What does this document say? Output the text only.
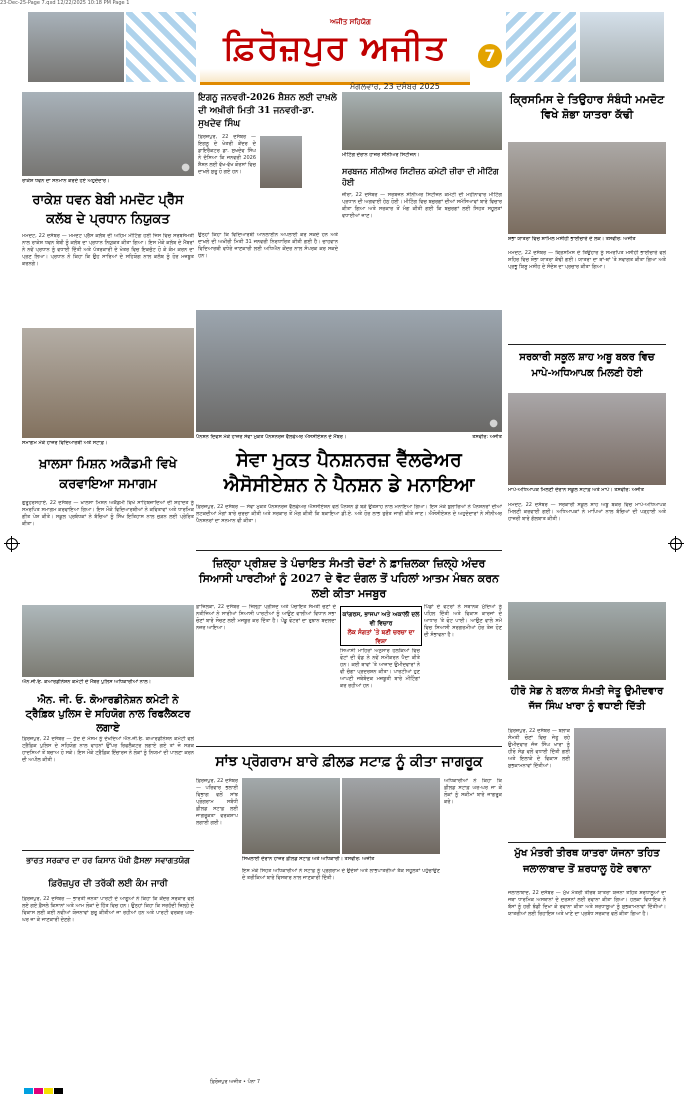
23-Dec-25-Page 7.qxd 12/22/2025 10:18 PM Page 1
ਅਜੀਤ ਸਹਿਯੋਗ
ਫ਼ਿਰੋਜ਼ਪੁਰ ਅਜੀਤ
ਮੰਗਲਵਾਰ, 23 ਦਸੰਬਰ 2025
7
●
ਰਾਕੇਸ਼ ਧਵਨ ਦਾ ਸਨਮਾਨ ਕਰਦੇ ਹੋਏ ਅਹੁਦੇਦਾਰ।
ਰਾਕੇਸ਼ ਧਵਨ ਬੇਬੀ ਮਮਦੋਟ ਪ੍ਰੈੱਸ ਕਲੱਬ ਦੇ ਪ੍ਰਧਾਨ ਨਿਯੁਕਤ
ਮਮਦੋਟ, 22 ਦਸੰਬਰ — ਮਮਦੋਟ ਪ੍ਰੈੱਸ ਕਲੱਬ ਦੀ ਅਹਿਮ ਮੀਟਿੰਗ ਹੋਈ ਜਿਸ ਵਿਚ ਸਰਬਸੰਮਤੀ ਨਾਲ ਰਾਕੇਸ਼ ਧਵਨ ਬੇਬੀ ਨੂੰ ਕਲੱਬ ਦਾ ਪ੍ਰਧਾਨ ਨਿਯੁਕਤ ਕੀਤਾ ਗਿਆ। ਇਸ ਮੌਕੇ ਕਲੱਬ ਦੇ ਮੈਂਬਰਾਂ ਨੇ ਨਵੇਂ ਪ੍ਰਧਾਨ ਨੂੰ ਵਧਾਈ ਦਿੱਤੀ ਅਤੇ ਪੱਤਰਕਾਰੀ ਦੇ ਖੇਤਰ ਵਿਚ ਇਕਜੁੱਟ ਹੋ ਕੇ ਕੰਮ ਕਰਨ ਦਾ ਪ੍ਰਣ ਲਿਆ। ਪ੍ਰਧਾਨ ਨੇ ਕਿਹਾ ਕਿ ਉਹ ਸਾਰਿਆਂ ਦੇ ਸਹਿਯੋਗ ਨਾਲ ਕਲੱਬ ਨੂੰ ਹੋਰ ਮਜ਼ਬੂਤ ਕਰਨਗੇ।
ਸਮਾਗਮ ਮੌਕੇ ਹਾਜ਼ਰ ਵਿਦਿਆਰਥੀ ਅਤੇ ਸਟਾਫ਼।
ਖ਼ਾਲਸਾ ਮਿਸ਼ਨ ਅਕੈਡਮੀ ਵਿਖੇ ਕਰਵਾਇਆ ਸਮਾਗਮ
ਗੁਰੂਹਰਸਹਾਏ, 22 ਦਸੰਬਰ — ਖ਼ਾਲਸਾ ਮਿਸ਼ਨ ਅਕੈਡਮੀ ਵਿਖੇ ਸਾਹਿਬਜ਼ਾਦਿਆਂ ਦੀ ਸ਼ਹਾਦਤ ਨੂੰ ਸਮਰਪਿਤ ਸਮਾਗਮ ਕਰਵਾਇਆ ਗਿਆ। ਇਸ ਮੌਕੇ ਵਿਦਿਆਰਥੀਆਂ ਨੇ ਕਵਿਤਾਵਾਂ ਅਤੇ ਧਾਰਮਿਕ ਗੀਤ ਪੇਸ਼ ਕੀਤੇ। ਸਕੂਲ ਪ੍ਰਬੰਧਕਾਂ ਨੇ ਬੱਚਿਆਂ ਨੂੰ ਸਿੱਖ ਇਤਿਹਾਸ ਨਾਲ ਜੁੜਨ ਲਈ ਪ੍ਰੇਰਿਤ ਕੀਤਾ।
ਐਨ.ਜੀ.ਓ. ਕੋਆਰਡੀਨੇਸ਼ਨ ਕਮੇਟੀ ਦੇ ਮੈਂਬਰ ਪੁਲਿਸ ਅਧਿਕਾਰੀਆਂ ਨਾਲ।
ਐਨ. ਜੀ. ਓ. ਕੋਆਰਡੀਨੇਸ਼ਨ ਕਮੇਟੀ ਨੇ ਟ੍ਰੈਫ਼ਿਕ ਪੁਲਿਸ ਦੇ ਸਹਿਯੋਗ ਨਾਲ ਰਿਫਲੈਕਟਰ ਲਗਾਏ
ਫ਼ਿਰੋਜ਼ਪੁਰ, 22 ਦਸੰਬਰ — ਧੁੰਦ ਦੇ ਮੌਸਮ ਨੂੰ ਦੇਖਦਿਆਂ ਐਨ.ਜੀ.ਓ. ਕੋਆਰਡੀਨੇਸ਼ਨ ਕਮੇਟੀ ਵਲੋਂ ਟ੍ਰੈਫ਼ਿਕ ਪੁਲਿਸ ਦੇ ਸਹਿਯੋਗ ਨਾਲ ਵਾਹਨਾਂ ਉੱਪਰ ਰਿਫਲੈਕਟਰ ਲਗਾਏ ਗਏ ਤਾਂ ਜੋ ਸੜਕ ਹਾਦਸਿਆਂ ਤੋਂ ਬਚਾਅ ਹੋ ਸਕੇ। ਇਸ ਮੌਕੇ ਟ੍ਰੈਫ਼ਿਕ ਇੰਚਾਰਜ ਨੇ ਲੋਕਾਂ ਨੂੰ ਨਿਯਮਾਂ ਦੀ ਪਾਲਣਾ ਕਰਨ ਦੀ ਅਪੀਲ ਕੀਤੀ।
ਭਾਰਤ ਸਰਕਾਰ ਦਾ ਹਰ ਕਿਸਾਨ ਪੱਖੀ ਫ਼ੈਸਲਾ ਸਵਾਗਤਯੋਗ
ਫ਼ਿਰੋਜ਼ਪੁਰ ਦੀ ਤਰੱਕੀ ਲਈ ਕੰਮ ਜਾਰੀ
ਫ਼ਿਰੋਜ਼ਪੁਰ, 22 ਦਸੰਬਰ — ਭਾਰਤੀ ਜਨਤਾ ਪਾਰਟੀ ਦੇ ਆਗੂਆਂ ਨੇ ਕਿਹਾ ਕਿ ਕੇਂਦਰ ਸਰਕਾਰ ਵਲੋਂ ਲਏ ਗਏ ਫ਼ੈਸਲੇ ਕਿਸਾਨਾਂ ਅਤੇ ਆਮ ਲੋਕਾਂ ਦੇ ਹਿੱਤ ਵਿਚ ਹਨ। ਉਨ੍ਹਾਂ ਕਿਹਾ ਕਿ ਸਰਹੱਦੀ ਜ਼ਿਲ੍ਹੇ ਦੇ ਵਿਕਾਸ ਲਈ ਕਈ ਨਵੀਆਂ ਯੋਜਨਾਵਾਂ ਸ਼ੁਰੂ ਕੀਤੀਆਂ ਜਾ ਰਹੀਆਂ ਹਨ ਅਤੇ ਪਾਰਟੀ ਵਰਕਰ ਘਰ-ਘਰ ਜਾ ਕੇ ਜਾਣਕਾਰੀ ਦੇਣਗੇ।
ਇਗਨੂ ਜਨਵਰੀ-2026 ਸ਼ੈਸ਼ਨ ਲਈ ਦਾਖ਼ਲੇ ਦੀ ਅਖ਼ੀਰੀ ਮਿਤੀ 31 ਜਨਵਰੀ-ਡਾ. ਸੁਖਦੇਵ ਸਿੰਘ
ਫ਼ਿਰੋਜ਼ਪੁਰ, 22 ਦਸੰਬਰ — ਇਗਨੂ ਦੇ ਖੇਤਰੀ ਕੇਂਦਰ ਦੇ ਡਾਇਰੈਕਟਰ ਡਾ. ਸੁਖਦੇਵ ਸਿੰਘ ਨੇ ਦੱਸਿਆ ਕਿ ਜਨਵਰੀ 2026 ਸ਼ੈਸ਼ਨ ਲਈ ਵੱਖ-ਵੱਖ ਕੋਰਸਾਂ ਵਿਚ ਦਾਖ਼ਲੇ ਸ਼ੁਰੂ ਹੋ ਗਏ ਹਨ।
ਉਨ੍ਹਾਂ ਕਿਹਾ ਕਿ ਵਿਦਿਆਰਥੀ ਆਨਲਾਈਨ ਅਪਲਾਈ ਕਰ ਸਕਦੇ ਹਨ ਅਤੇ ਦਾਖ਼ਲੇ ਦੀ ਅਖ਼ੀਰੀ ਮਿਤੀ 31 ਜਨਵਰੀ ਨਿਰਧਾਰਿਤ ਕੀਤੀ ਗਈ ਹੈ। ਚਾਹਵਾਨ ਵਿਦਿਆਰਥੀ ਵਧੇਰੇ ਜਾਣਕਾਰੀ ਲਈ ਅਧਿਐਨ ਕੇਂਦਰ ਨਾਲ ਸੰਪਰਕ ਕਰ ਸਕਦੇ ਹਨ।
ਮੀਟਿੰਗ ਦੌਰਾਨ ਹਾਜ਼ਰ ਸੀਨੀਅਰ ਸਿਟੀਜ਼ਨ।
ਸਰਬਜਨ ਸੀਨੀਅਰ ਸਿਟੀਜ਼ਨ ਕਮੇਟੀ ਜ਼ੀਰਾ ਦੀ ਮੀਟਿੰਗ ਹੋਈ
ਜ਼ੀਰਾ, 22 ਦਸੰਬਰ — ਸਰਬਜਨ ਸੀਨੀਅਰ ਸਿਟੀਜ਼ਨ ਕਮੇਟੀ ਦੀ ਮਹੀਨਾਵਾਰ ਮੀਟਿੰਗ ਪ੍ਰਧਾਨ ਦੀ ਅਗਵਾਈ ਹੇਠ ਹੋਈ। ਮੀਟਿੰਗ ਵਿਚ ਬਜ਼ੁਰਗਾਂ ਦੀਆਂ ਸਮੱਸਿਆਵਾਂ ਬਾਰੇ ਵਿਚਾਰ ਕੀਤਾ ਗਿਆ ਅਤੇ ਸਰਕਾਰ ਤੋਂ ਮੰਗ ਕੀਤੀ ਗਈ ਕਿ ਬਜ਼ੁਰਗਾਂ ਲਈ ਸਿਹਤ ਸਹੂਲਤਾਂ ਵਧਾਈਆਂ ਜਾਣ।
●
ਪੈਨਸ਼ਨ ਦਿਵਸ ਮੌਕੇ ਹਾਜ਼ਰ ਸੇਵਾ ਮੁਕਤ ਪੈਨਸ਼ਨਰਜ਼ ਵੈੱਲਫੇਅਰ ਐਸੋਸੀਏਸ਼ਨ ਦੇ ਮੈਂਬਰ।	ਤਸਵੀਰ: ਅਜੀਤ
ਸੇਵਾ ਮੁਕਤ ਪੈਨਸ਼ਨਰਜ਼ ਵੈੱਲਫੇਅਰ ਐਸੋਸੀਏਸ਼ਨ ਨੇ ਪੈਨਸ਼ਨ ਡੇ ਮਨਾਇਆ
ਫ਼ਿਰੋਜ਼ਪੁਰ, 22 ਦਸੰਬਰ — ਸੇਵਾ ਮੁਕਤ ਪੈਨਸ਼ਨਰਜ਼ ਵੈੱਲਫੇਅਰ ਐਸੋਸੀਏਸ਼ਨ ਵਲੋਂ ਪੈਨਸ਼ਨ ਡੇ ਬੜੇ ਉਤਸ਼ਾਹ ਨਾਲ ਮਨਾਇਆ ਗਿਆ। ਇਸ ਮੌਕੇ ਬੁਲਾਰਿਆਂ ਨੇ ਪੈਨਸ਼ਨਰਾਂ ਦੀਆਂ ਲਟਕਦੀਆਂ ਮੰਗਾਂ ਬਾਰੇ ਚਰਚਾ ਕੀਤੀ ਅਤੇ ਸਰਕਾਰ ਤੋਂ ਮੰਗ ਕੀਤੀ ਕਿ ਬਕਾਇਆ ਡੀ.ਏ. ਅਤੇ ਹੋਰ ਲਾਭ ਤੁਰੰਤ ਜਾਰੀ ਕੀਤੇ ਜਾਣ। ਐਸੋਸੀਏਸ਼ਨ ਦੇ ਅਹੁਦੇਦਾਰਾਂ ਨੇ ਸੀਨੀਅਰ ਪੈਨਸ਼ਨਰਾਂ ਦਾ ਸਨਮਾਨ ਵੀ ਕੀਤਾ।
ਜ਼ਿਲ੍ਹਾ ਪ੍ਰੀਸ਼ਦ ਤੇ ਪੰਚਾਇਤ ਸੰਮਤੀ ਚੋਣਾਂ ਨੇ ਫ਼ਾਜ਼ਿਲਕਾ ਜ਼ਿਲ੍ਹੇ ਅੰਦਰ ਸਿਆਸੀ ਪਾਰਟੀਆਂ ਨੂੰ 2027 ਦੇ ਵੋਟ ਦੰਗਲ ਤੋਂ ਪਹਿਲਾਂ ਆਤਮ ਮੰਥਨ ਕਰਨ ਲਈ ਕੀਤਾ ਮਜਬੂਰ
ਫ਼ਾਜ਼ਿਲਕਾ, 22 ਦਸੰਬਰ — ਜ਼ਿਲ੍ਹਾ ਪ੍ਰੀਸ਼ਦ ਅਤੇ ਪੰਚਾਇਤ ਸੰਮਤੀ ਚੋਣਾਂ ਦੇ ਨਤੀਜਿਆਂ ਨੇ ਸਾਰੀਆਂ ਸਿਆਸੀ ਪਾਰਟੀਆਂ ਨੂੰ ਆਉਣ ਵਾਲੀਆਂ ਵਿਧਾਨ ਸਭਾ ਚੋਣਾਂ ਬਾਰੇ ਸੋਚਣ ਲਈ ਮਜਬੂਰ ਕਰ ਦਿੱਤਾ ਹੈ। ਪੇਂਡੂ ਵੋਟਰਾਂ ਦਾ ਰੁਝਾਨ ਬਦਲਦਾ ਨਜ਼ਰ ਆਇਆ।
ਕਾਂਗਰਸ, ਭਾਜਪਾ ਅਤੇ ਅਕਾਲੀ ਦਲ ਵੀ ਵਿਚਾਰ
ਲੋਕ ਸੰਗਤਾਂ 'ਤੇ ਬਣੀ ਚਰਚਾ ਦਾ ਵਿਸ਼ਾ
ਸਿਆਸੀ ਮਾਹਿਰਾਂ ਅਨੁਸਾਰ ਹਲਕਿਆਂ ਵਿਚ ਵੋਟਾਂ ਦੀ ਵੰਡ ਨੇ ਨਵੇਂ ਸਮੀਕਰਨ ਪੈਦਾ ਕੀਤੇ ਹਨ। ਕਈ ਥਾਵਾਂ 'ਤੇ ਆਜ਼ਾਦ ਉਮੀਦਵਾਰਾਂ ਨੇ ਵੀ ਚੰਗਾ ਪ੍ਰਦਰਸ਼ਨ ਕੀਤਾ। ਪਾਰਟੀਆਂ ਹੁਣ ਆਪਣੀ ਜਥੇਬੰਦਕ ਮਜ਼ਬੂਤੀ ਬਾਰੇ ਮੀਟਿੰਗਾਂ ਕਰ ਰਹੀਆਂ ਹਨ।
ਪਿੰਡਾਂ ਦੇ ਵੋਟਰਾਂ ਨੇ ਸਥਾਨਕ ਮੁੱਦਿਆਂ ਨੂੰ ਪਹਿਲ ਦਿੱਤੀ ਅਤੇ ਵਿਕਾਸ ਕਾਰਜਾਂ ਦੇ ਆਧਾਰ 'ਤੇ ਵੋਟ ਪਾਈ। ਆਉਣ ਵਾਲੇ ਸਮੇਂ ਵਿਚ ਸਿਆਸੀ ਸਰਗਰਮੀਆਂ ਹੋਰ ਤੇਜ਼ ਹੋਣ ਦੀ ਸੰਭਾਵਨਾ ਹੈ।
ਸਾਂਝ ਪ੍ਰੋਗਰਾਮ ਬਾਰੇ ਫ਼ੀਲਡ ਸਟਾਫ਼ ਨੂੰ ਕੀਤਾ ਜਾਗਰੂਕ
ਫ਼ਿਰੋਜ਼ਪੁਰ, 22 ਦਸੰਬਰ — ਪਰਿਵਾਰ ਭਲਾਈ ਵਿਭਾਗ ਵਲੋਂ ਸਾਂਝ ਪ੍ਰੋਗਰਾਮ ਸਬੰਧੀ ਫ਼ੀਲਡ ਸਟਾਫ਼ ਲਈ ਜਾਗਰੂਕਤਾ ਵਰਕਸ਼ਾਪ ਲਗਾਈ ਗਈ।
ਸਿਖਲਾਈ ਦੌਰਾਨ ਹਾਜ਼ਰ ਫ਼ੀਲਡ ਸਟਾਫ਼ ਅਤੇ ਅਧਿਕਾਰੀ। ਤਸਵੀਰ: ਅਜੀਤ
ਇਸ ਮੌਕੇ ਸਿਹਤ ਅਧਿਕਾਰੀਆਂ ਨੇ ਸਟਾਫ਼ ਨੂੰ ਪ੍ਰੋਗਰਾਮ ਦੇ ਉਦੇਸ਼ਾਂ ਅਤੇ ਲਾਭਪਾਤਰੀਆਂ ਤੱਕ ਸਹੂਲਤਾਂ ਪਹੁੰਚਾਉਣ ਦੇ ਤਰੀਕਿਆਂ ਬਾਰੇ ਵਿਸਥਾਰ ਨਾਲ ਜਾਣਕਾਰੀ ਦਿੱਤੀ।
ਅਧਿਕਾਰੀਆਂ ਨੇ ਕਿਹਾ ਕਿ ਫ਼ੀਲਡ ਸਟਾਫ਼ ਘਰ-ਘਰ ਜਾ ਕੇ ਲੋਕਾਂ ਨੂੰ ਸਕੀਮਾਂ ਬਾਰੇ ਜਾਗਰੂਕ ਕਰੇ।
ਕ੍ਰਿਸਮਿਸ ਦੇ ਤਿਉਹਾਰ ਸੰਬੰਧੀ ਮਮਦੋਟ ਵਿਖੇ ਸ਼ੋਭਾ ਯਾਤਰਾ ਕੱਢੀ
ਸ਼ੋਭਾ ਯਾਤਰਾ ਵਿਚ ਸ਼ਾਮਿਲ ਮਸੀਹੀ ਭਾਈਚਾਰੇ ਦੇ ਲੋਕ। ਤਸਵੀਰ: ਅਜੀਤ
ਮਮਦੋਟ, 22 ਦਸੰਬਰ — ਕ੍ਰਿਸਮਿਸ ਦੇ ਤਿਉਹਾਰ ਨੂੰ ਸਮਰਪਿਤ ਮਸੀਹੀ ਭਾਈਚਾਰੇ ਵਲੋਂ ਸ਼ਹਿਰ ਵਿਚ ਸ਼ੋਭਾ ਯਾਤਰਾ ਕੱਢੀ ਗਈ। ਯਾਤਰਾ ਦਾ ਥਾਂ-ਥਾਂ 'ਤੇ ਸਵਾਗਤ ਕੀਤਾ ਗਿਆ ਅਤੇ ਪ੍ਰਭੂ ਯਿਸੂ ਮਸੀਹ ਦੇ ਸੰਦੇਸ਼ ਦਾ ਪ੍ਰਚਾਰ ਕੀਤਾ ਗਿਆ।
ਸਰਕਾਰੀ ਸਕੂਲ ਸ਼ਾਹ ਅਬੂ ਬਕਰ ਵਿਚ ਮਾਪੇ-ਅਧਿਆਪਕ ਮਿਲਣੀ ਹੋਈ
ਮਾਪੇ-ਅਧਿਆਪਕ ਮਿਲਣੀ ਦੌਰਾਨ ਸਕੂਲ ਸਟਾਫ਼ ਅਤੇ ਮਾਪੇ। ਤਸਵੀਰ: ਅਜੀਤ
ਮਮਦੋਟ, 22 ਦਸੰਬਰ — ਸਰਕਾਰੀ ਸਕੂਲ ਸ਼ਾਹ ਅਬੂ ਬਕਰ ਵਿਚ ਮਾਪੇ-ਅਧਿਆਪਕ ਮਿਲਣੀ ਕਰਵਾਈ ਗਈ। ਅਧਿਆਪਕਾਂ ਨੇ ਮਾਪਿਆਂ ਨਾਲ ਬੱਚਿਆਂ ਦੀ ਪੜ੍ਹਾਈ ਅਤੇ ਹਾਜ਼ਰੀ ਬਾਰੇ ਗੱਲਬਾਤ ਕੀਤੀ।
ਹੀਰੋ ਸੇਡ ਨੇ ਬਲਾਕ ਸੰਮਤੀ ਜੇਤੂ ਉਮੀਦਵਾਰ ਜੱਜ ਸਿੰਘ ਖਾਰਾ ਨੂੰ ਵਧਾਈ ਦਿੱਤੀ
ਫ਼ਿਰੋਜ਼ਪੁਰ, 22 ਦਸੰਬਰ — ਬਲਾਕ ਸੰਮਤੀ ਚੋਣਾਂ ਵਿਚ ਜੇਤੂ ਰਹੇ ਉਮੀਦਵਾਰ ਜੱਜ ਸਿੰਘ ਖਾਰਾ ਨੂੰ ਹੀਰੋ ਸੇਡ ਵਲੋਂ ਵਧਾਈ ਦਿੱਤੀ ਗਈ ਅਤੇ ਇਲਾਕੇ ਦੇ ਵਿਕਾਸ ਲਈ ਸ਼ੁਭਕਾਮਨਾਵਾਂ ਦਿੱਤੀਆਂ।
ਮੁੱਖ ਮੰਤਰੀ ਤੀਰਥ ਯਾਤਰਾ ਯੋਜਨਾ ਤਹਿਤ ਜਲਾਲਾਬਾਦ ਤੋਂ ਸ਼ਰਧਾਲੂ ਹੋਏ ਰਵਾਨਾ
ਜਲਾਲਾਬਾਦ, 22 ਦਸੰਬਰ — ਮੁੱਖ ਮੰਤਰੀ ਤੀਰਥ ਯਾਤਰਾ ਯੋਜਨਾ ਤਹਿਤ ਸ਼ਰਧਾਲੂਆਂ ਦਾ ਜਥਾ ਧਾਰਮਿਕ ਅਸਥਾਨਾਂ ਦੇ ਦਰਸ਼ਨਾਂ ਲਈ ਰਵਾਨਾ ਕੀਤਾ ਗਿਆ। ਹਲਕਾ ਵਿਧਾਇਕ ਨੇ ਬੱਸਾਂ ਨੂੰ ਹਰੀ ਝੰਡੀ ਦਿਖਾ ਕੇ ਰਵਾਨਾ ਕੀਤਾ ਅਤੇ ਸ਼ਰਧਾਲੂਆਂ ਨੂੰ ਸ਼ੁਭਕਾਮਨਾਵਾਂ ਦਿੱਤੀਆਂ। ਯਾਤਰੀਆਂ ਲਈ ਰਿਹਾਇਸ਼ ਅਤੇ ਖਾਣੇ ਦਾ ਪ੍ਰਬੰਧ ਸਰਕਾਰ ਵਲੋਂ ਕੀਤਾ ਗਿਆ ਹੈ।
ਫ਼ਿਰੋਜ਼ਪੁਰ ਅਜੀਤ • ਪੰਨਾ 7
